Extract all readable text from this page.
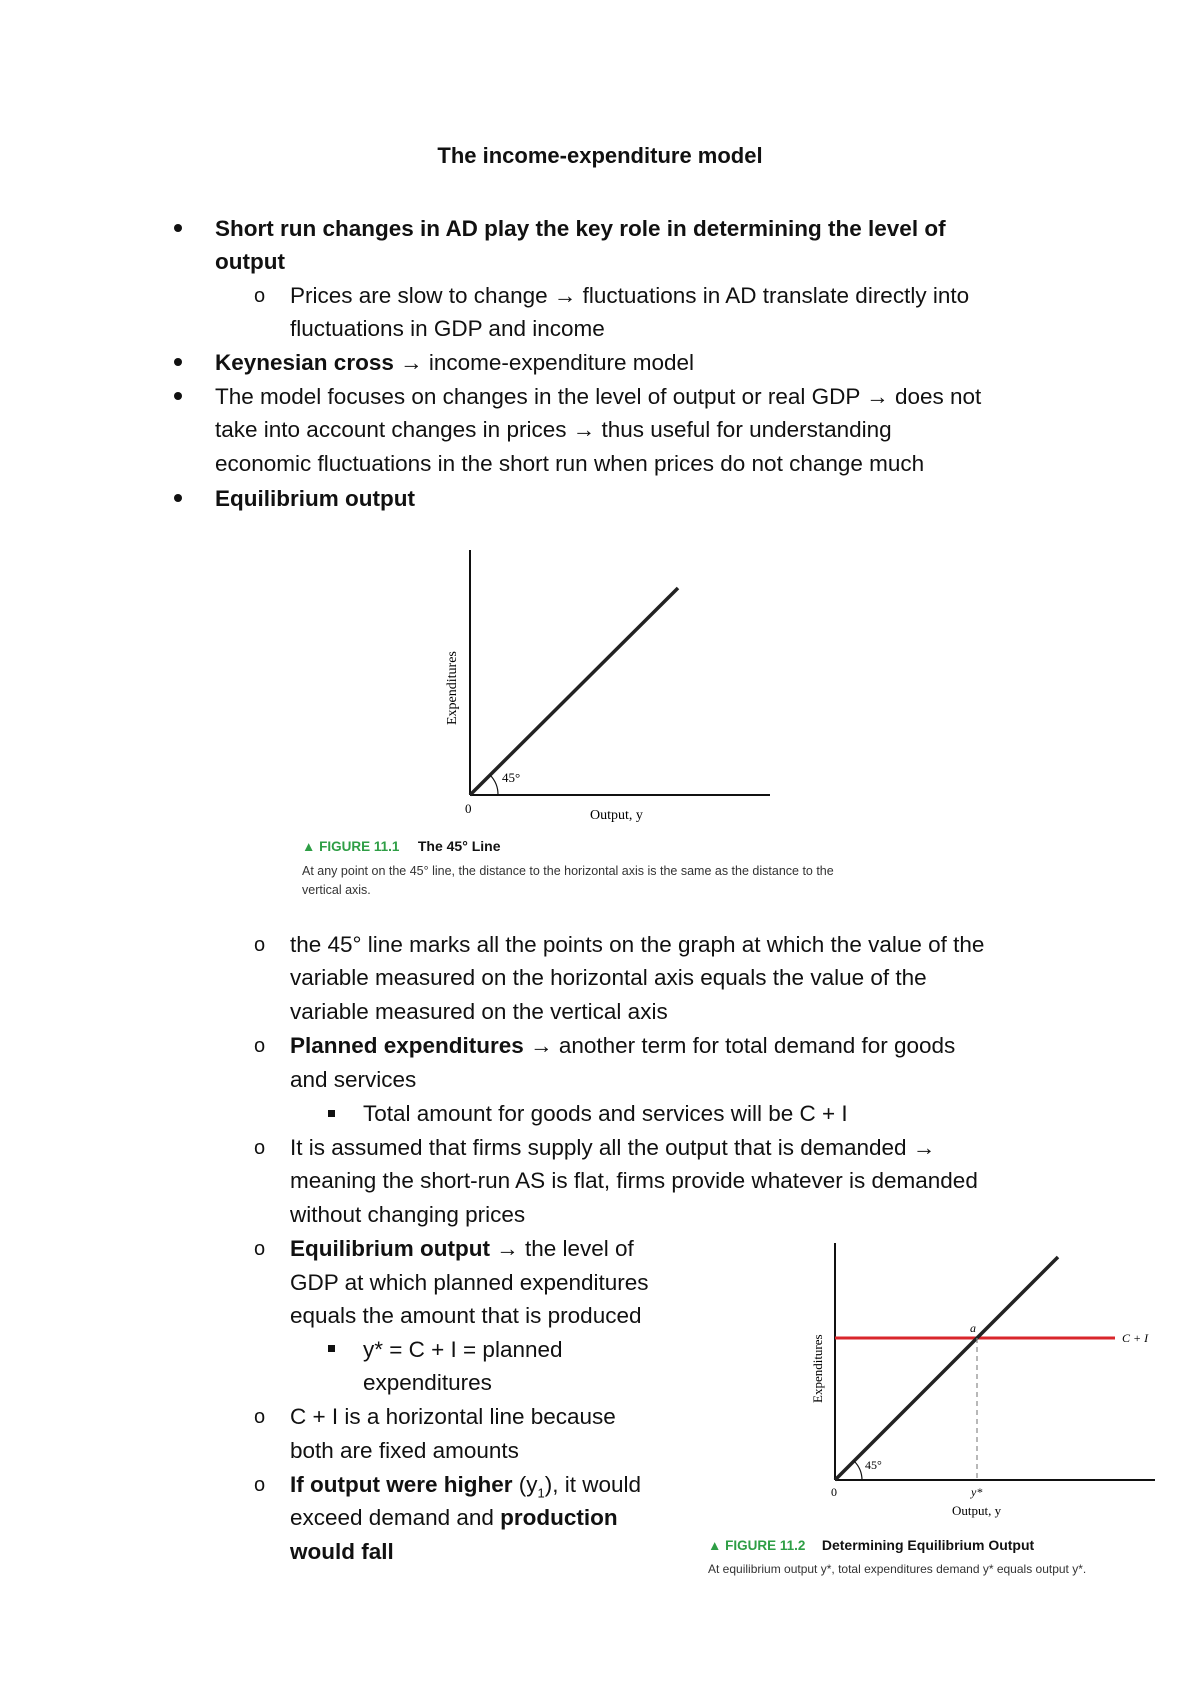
The income-expenditure model
Short run changes in AD play the key role in determining the level of
output
o Prices are slow to change → fluctuations in AD translate directly into
fluctuations in GDP and income
Keynesian cross → income-expenditure model
The model focuses on changes in the level of output or real GDP → does not
take into account changes in prices → thus useful for understanding
economic fluctuations in the short run when prices do not change much
Equilibrium output
45°
0	Output, y
Expenditures
▲ FIGURE 11.1 The 45° Line
At any point on the 45° line, the distance to the horizontal axis is the same as the distance to the
vertical axis.
o the 45° line marks all the points on the graph at which the value of the
variable measured on the horizontal axis equals the value of the
variable measured on the vertical axis
o Planned expenditures → another term for total demand for goods
and services
Total amount for goods and services will be C + I
o It is assumed that firms supply all the output that is demanded →
meaning the short-run AS is flat, firms provide whatever is demanded
without changing prices
o Equilibrium output → the level of
GDP at which planned expenditures
equals the amount that is produced
y* = C + I = planned
expenditures
o C + I is a horizontal line because
both are fixed amounts
o If output were higher $(y_1)$, it would
exceed demand and production
would fall
45°
0
a
C + I
y*
Output, y
Expenditures
▲ FIGURE 11.2 Determining Equilibrium Output
At equilibrium output y*, total expenditures demand y* equals output y*.
